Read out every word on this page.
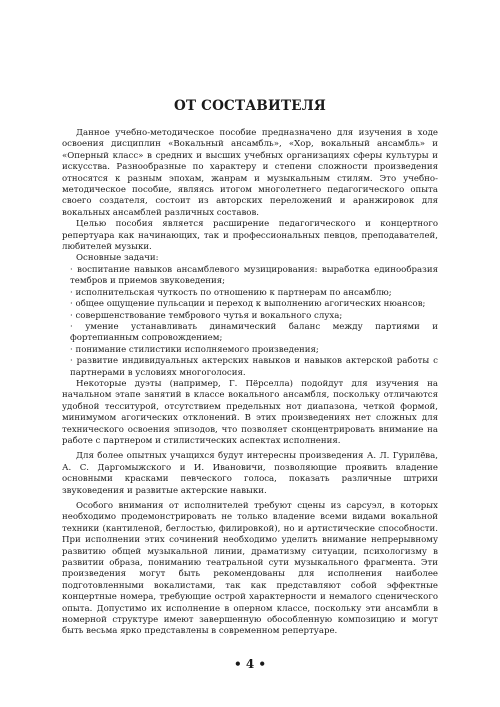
ОТ СОСТАВИТЕЛЯ

Данное учебно-методическое пособие предназначено для изучения в ходе освоения дисциплин «Вокальный ансамбль», «Хор, вокальный ансамбль» и «Оперный класс» в средних и высших учебных организациях сферы культуры и искусства. Разнообразные по характеру и степени сложности произведения относятся к разным эпохам, жанрам и музыкальным стилям. Это учебно-методическое пособие, являясь итогом многолетнего педагогического опыта своего создателя, состоит из авторских переложений и аранжировок для вокальных ансамблей различных составов.

Целью пособия является расширение педагогического и концертного репертуара как начинающих, так и профессиональных певцов, преподавателей, любителей музыки.

Основные задачи:

· воспитание навыков ансамблевого музицирования: выработка единообразия тембров и приемов звуковедения;

· исполнительская чуткость по отношению к партнерам по ансамблю;

· общее ощущение пульсации и переход к выполнению агогических нюансов;

· совершенствование тембрового чутья и вокального слуха;

· умение устанавливать динамический баланс между партиями и фортепианным сопровождением;

· понимание стилистики исполняемого произведения;

· развитие индивидуальных актерских навыков и навыков актерской работы с партнерами в условиях многоголосия.

Некоторые дуэты (например, Г. Пёрселла) подойдут для изучения на начальном этапе занятий в классе вокального ансамбля, поскольку отличаются удобной тесситурой, отсутствием предельных нот диапазона, четкой формой, минимумом агогических отклонений. В этих произведениях нет сложных для технического освоения эпизодов, что позволяет сконцентрировать внимание на работе с партнером и стилистических аспектах исполнения.

Для более опытных учащихся будут интересны произведения А. Л. Гурилёва, А. С. Даргомыжского и И. Ивановичи, позволяющие проявить владение основными красками певческого голоса, показать различные штрихи звуковедения и развитые актерские навыки.

Особого внимания от исполнителей требуют сцены из сарсуэл, в которых необходимо продемонстрировать не только владение всеми видами вокальной техники (кантиленой, беглостью, филировкой), но и артистические способности. При исполнении этих сочинений необходимо уделить внимание непрерывному развитию общей музыкальной линии, драматизму ситуации, психологизму в развитии образа, пониманию театральной сути музыкального фрагмента. Эти произведения могут быть рекомендованы для исполнения наиболее подготовленными вокалистами, так как представляют собой эффектные концертные номера, требующие острой характерности и немалого сценического опыта. Допустимо их исполнение в оперном классе, поскольку эти ансамбли в номерной структуре имеют завершенную обособленную композицию и могут быть весьма ярко представлены в современном репертуаре.

• 4 •
